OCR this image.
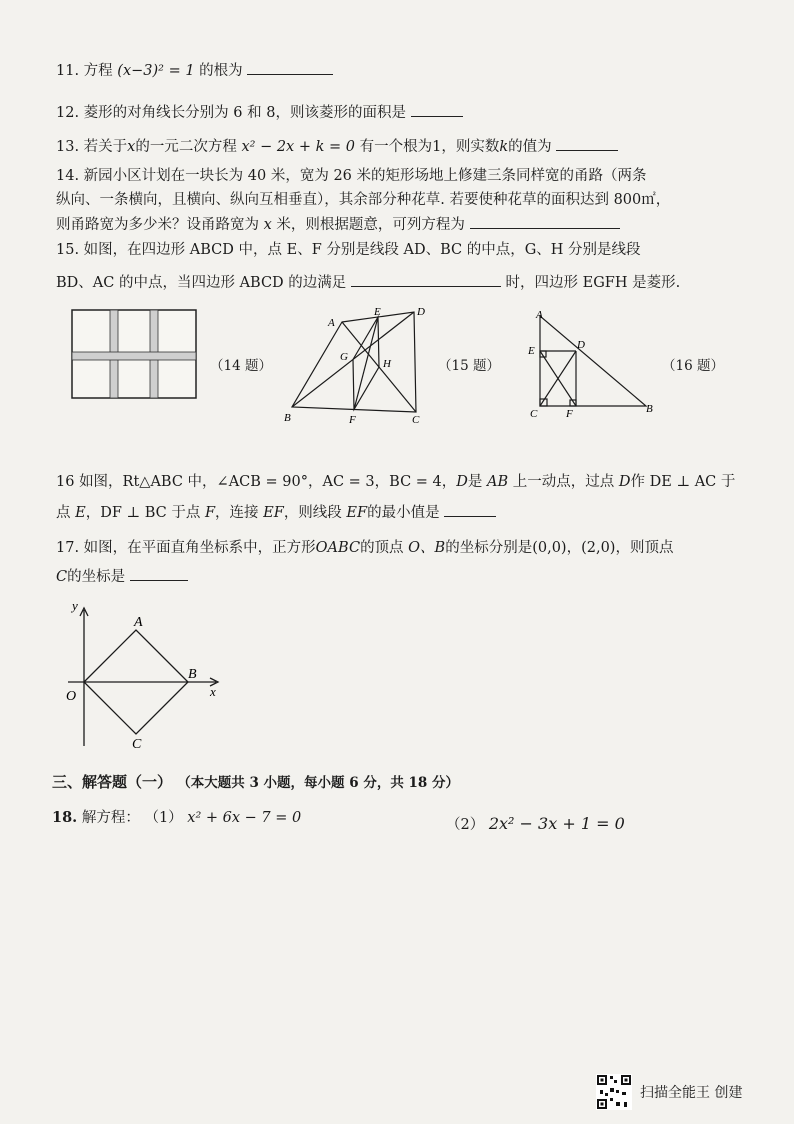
11. 方程 (x−3)² = 1 的根为
12. 菱形的对角线长分别为 6 和 8，则该菱形的面积是
13. 若关于x的一元二次方程 x² − 2x + k = 0 有一个根为1，则实数k的值为
14. 新园小区计划在一块长为 40 米，宽为 26 米的矩形场地上修建三条同样宽的甬路（两条
纵向、一条横向，且横向、纵向互相垂直），其余部分种花草. 若要使种花草的面积达到 800㎡，
则甬路宽为多少米？设甬路宽为 x 米，则根据题意，可列方程为
15. 如图，在四边形 ABCD 中，点 E、F 分别是线段 AD、BC 的中点，G、H 分别是线段
BD、AC 的中点，当四边形 ABCD 的边满足	时，四边形 EGFH 是菱形.
（14 题）
A
E	D
G
H
B	F	C
（15 题）
A
E	D
C	F	B
（16 题）
16 如图，Rt△ABC 中，∠ACB = 90°，AC = 3，BC = 4，D是 AB 上一动点，过点 D作 DE ⊥ AC 于
点 E，DF ⊥ BC 于点 F，连接 EF，则线段 EF的最小值是
17. 如图，在平面直角坐标系中，正方形OABC的顶点 O、B的坐标分别是(0,0)，(2,0)，则顶点
C的坐标是
y
x
O
A
B
C
三、解答题（一） （本大题共 3 小题，每小题 6 分，共 18 分）
18. 解方程： （1） x² + 6x − 7 = 0	（2） 2x² − 3x + 1 = 0
扫描全能王 创建
